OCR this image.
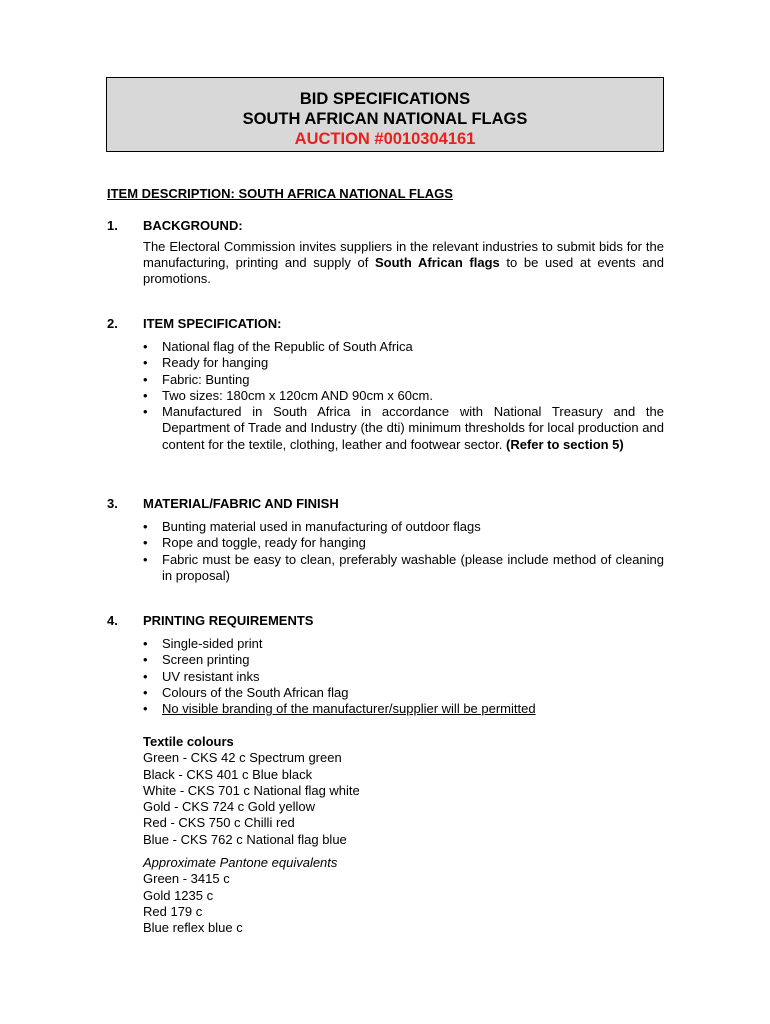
BID SPECIFICATIONS
SOUTH AFRICAN NATIONAL FLAGS
AUCTION #0010304161
ITEM DESCRIPTION: SOUTH AFRICA NATIONAL FLAGS
1. BACKGROUND:
The Electoral Commission invites suppliers in the relevant industries to submit bids for the manufacturing, printing and supply of South African flags to be used at events and promotions.
2. ITEM SPECIFICATION:
•	National flag of the Republic of South Africa
•	Ready for hanging
•	Fabric: Bunting
•	Two sizes: 180cm x 120cm AND 90cm x 60cm.
•	Manufactured in South Africa in accordance with National Treasury and the Department of Trade and Industry (the dti) minimum thresholds for local production and content for the textile, clothing, leather and footwear sector. (Refer to section 5)
3. MATERIAL/FABRIC AND FINISH
•	Bunting material used in manufacturing of outdoor flags
•	Rope and toggle, ready for hanging
•	Fabric must be easy to clean, preferably washable (please include method of cleaning in proposal)
4. PRINTING REQUIREMENTS
•	Single-sided print
•	Screen printing
•	UV resistant inks
•	Colours of the South African flag
•	No visible branding of the manufacturer/supplier will be permitted
Textile colours
Green - CKS 42 c Spectrum green
Black - CKS 401 c Blue black
White - CKS 701 c National flag white
Gold - CKS 724 c Gold yellow
Red - CKS 750 c Chilli red
Blue - CKS 762 c National flag blue
Approximate Pantone equivalents
Green - 3415 c
Gold 1235 c
Red 179 c
Blue reflex blue c
